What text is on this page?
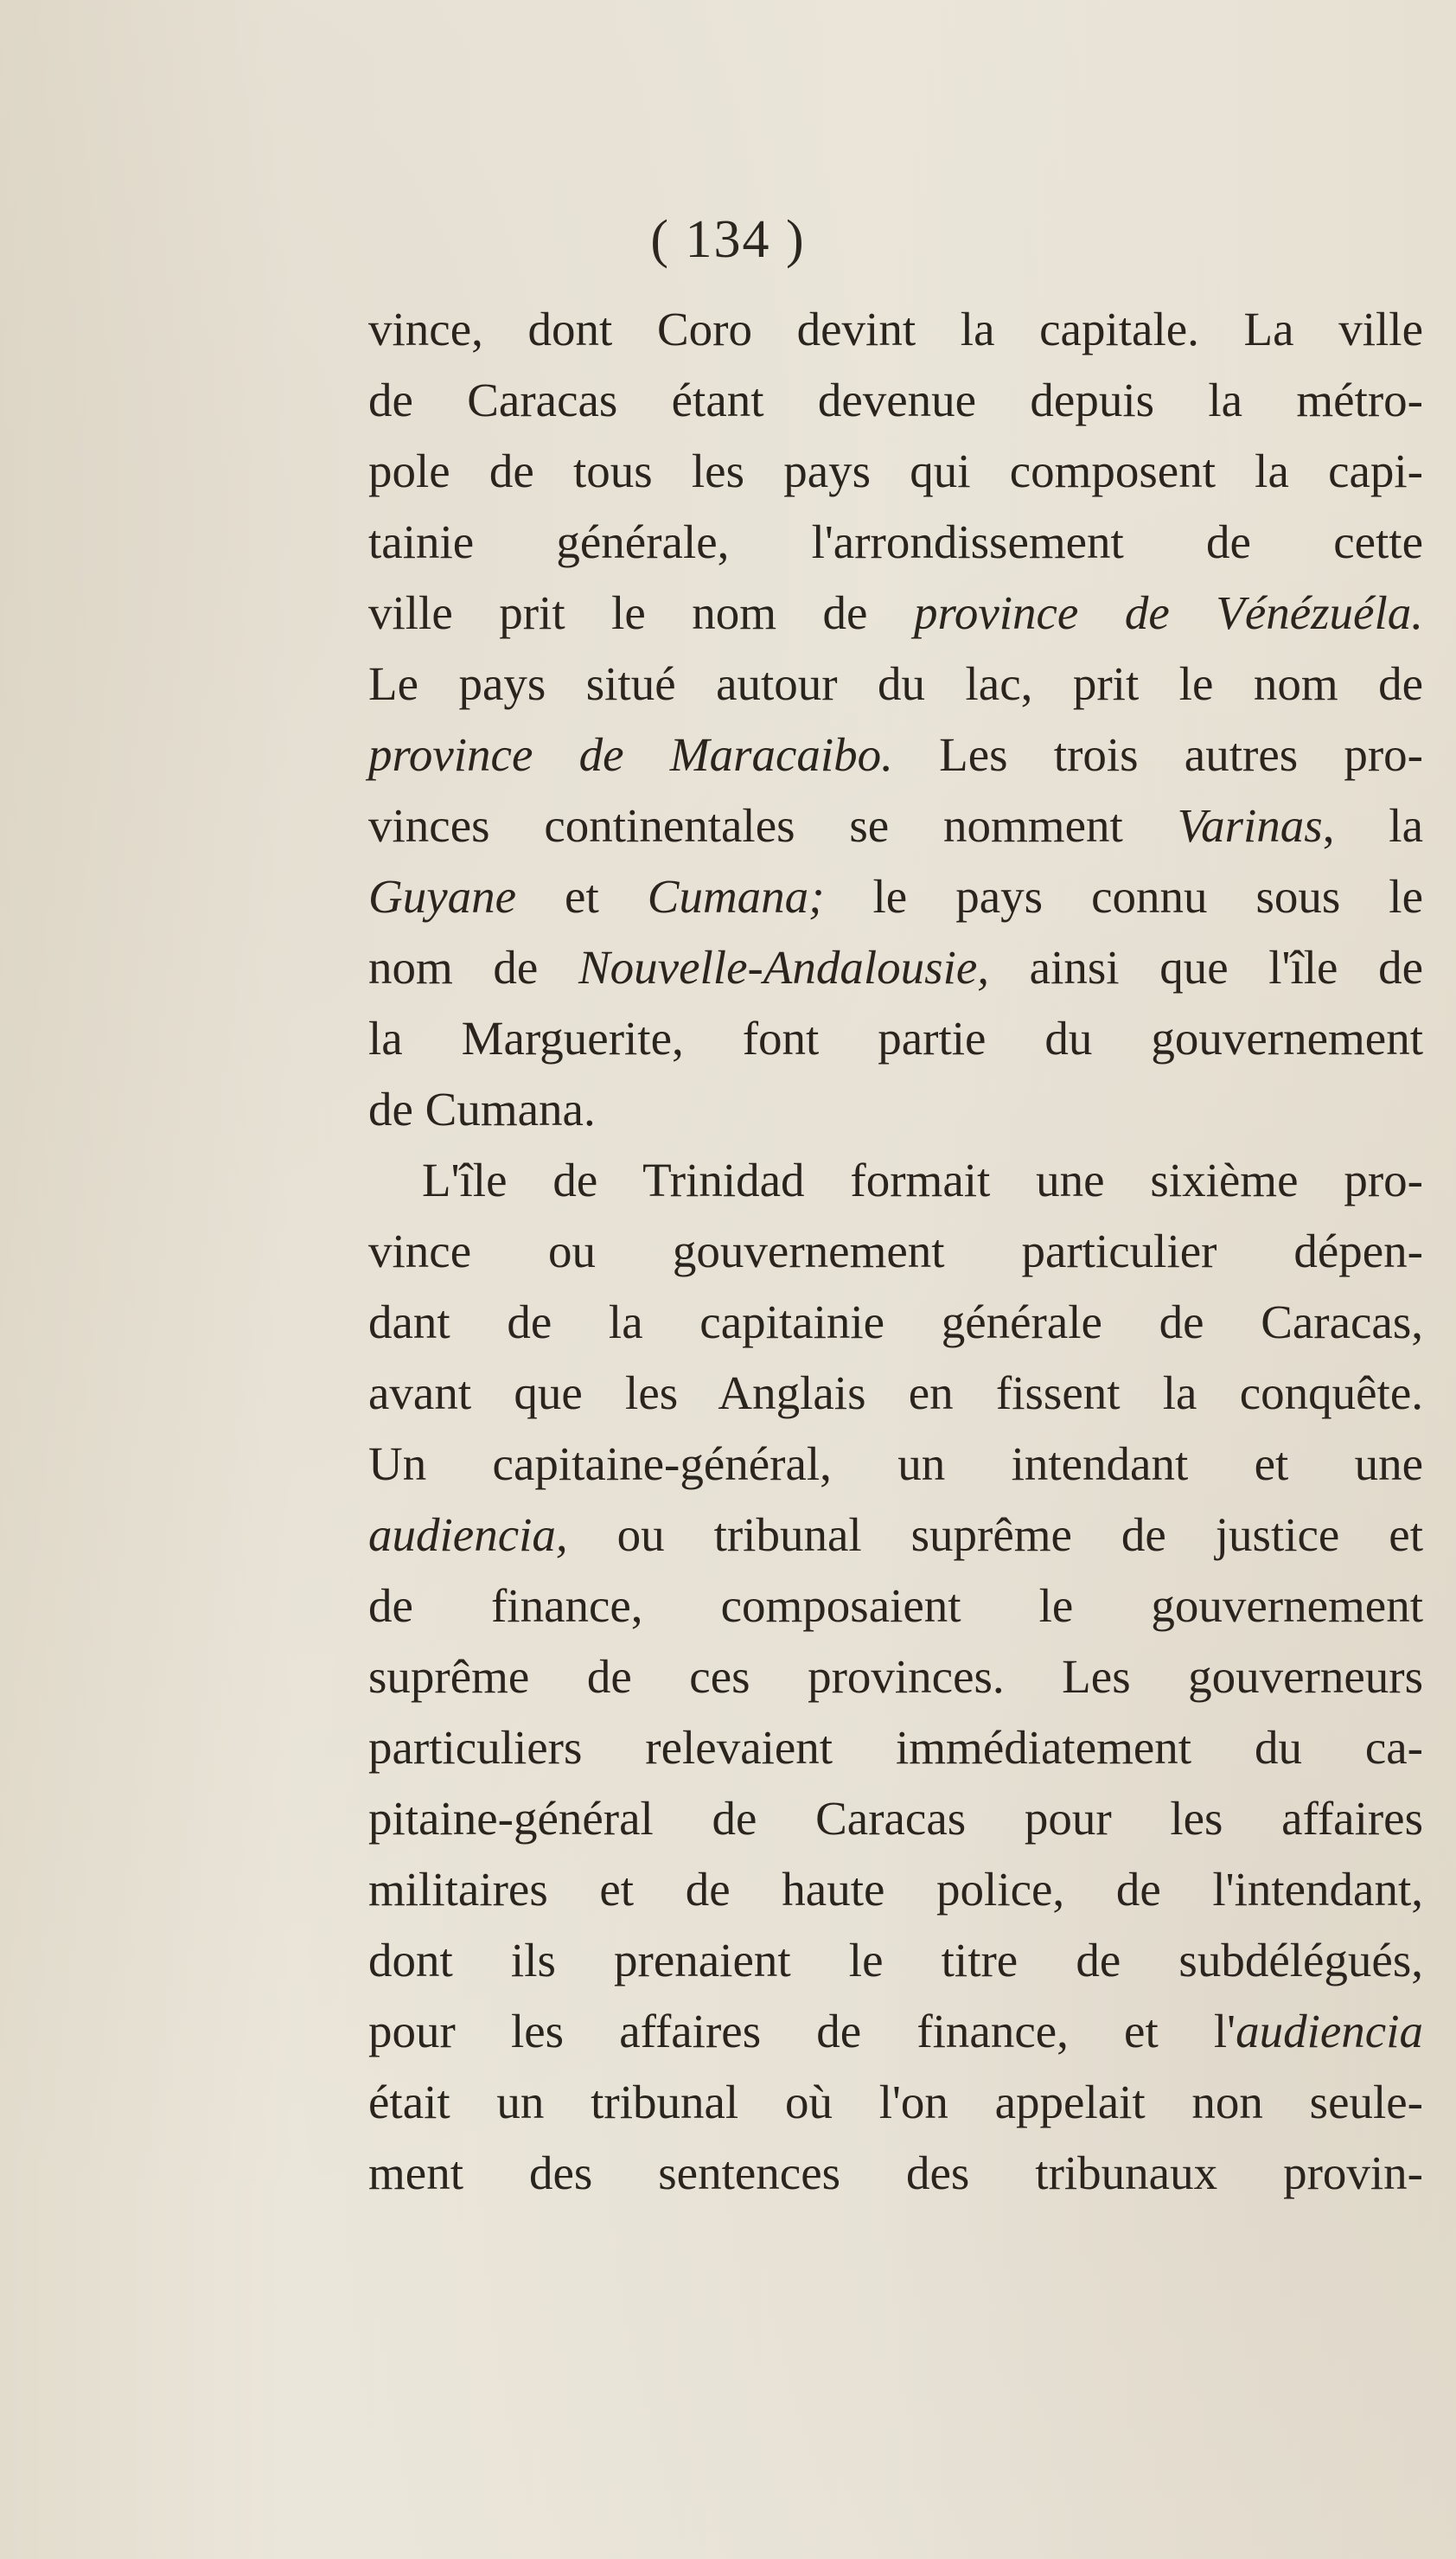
( 134 )
vince, dont Coro devint la capitale. La ville
de Caracas étant devenue depuis la métro-
pole de tous les pays qui composent la capi-
tainie générale, l'arrondissement de cette
ville prit le nom de province de Vénézuéla.
Le pays situé autour du lac, prit le nom de
province de Maracaibo. Les trois autres pro-
vinces continentales se nomment Varinas, la
Guyane et Cumana; le pays connu sous le
nom de Nouvelle-Andalousie, ainsi que l'île de
la Marguerite, font partie du gouvernement
de Cumana.
L'île de Trinidad formait une sixième pro-
vince ou gouvernement particulier dépen-
dant de la capitainie générale de Caracas,
avant que les Anglais en fissent la conquête.
Un capitaine-général, un intendant et une
audiencia, ou tribunal suprême de justice et
de finance, composaient le gouvernement
suprême de ces provinces. Les gouverneurs
particuliers relevaient immédiatement du ca-
pitaine-général de Caracas pour les affaires
militaires et de haute police, de l'intendant,
dont ils prenaient le titre de subdélégués,
pour les affaires de finance, et l'audiencia
était un tribunal où l'on appelait non seule-
ment des sentences des tribunaux provin-
